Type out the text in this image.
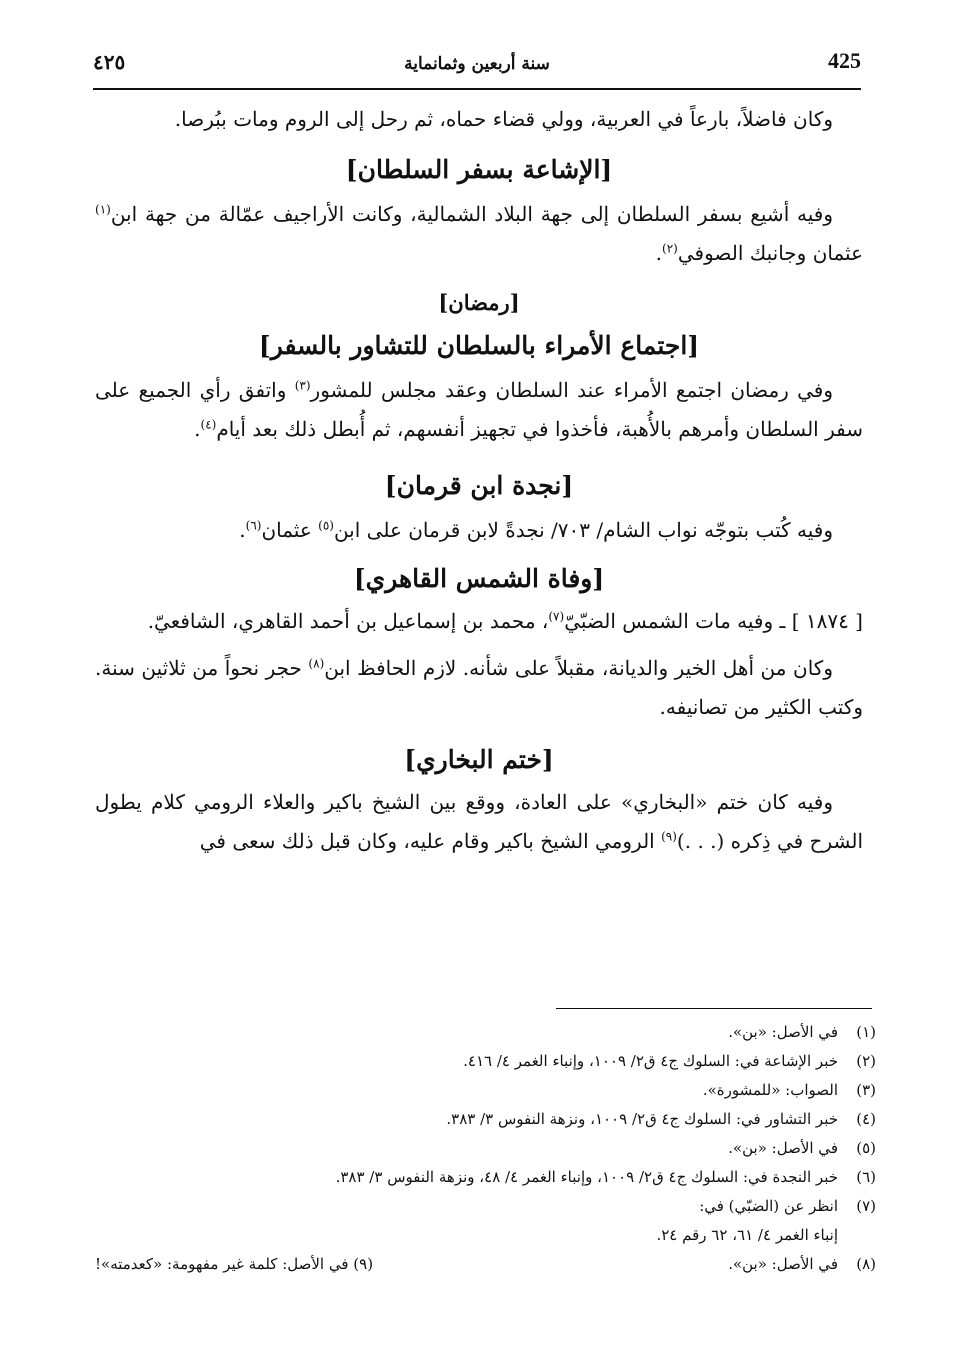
425
سنة أربعين وثمانماية
٤٢٥

وكان فاضلاً، بارعاً في العربية، وولي قضاء حماه، ثم رحل إلى الروم ومات ببُرصا.

[الإشاعة بسفر السلطان]

وفيه أشيع بسفر السلطان إلى جهة البلاد الشمالية، وكانت الأراجيف عمّالة من جهة ابن$^{(١)}$ عثمان وجانبك الصوفي$^{(٢)}$.

[رمضان]
[اجتماع الأمراء بالسلطان للتشاور بالسفر]

وفي رمضان اجتمع الأمراء عند السلطان وعقد مجلس للمشور$^{(٣)}$ واتفق رأي الجميع على سفر السلطان وأمرهم بالأُهبة، فأخذوا في تجهيز أنفسهم، ثم أُبطل ذلك بعد أيام$^{(٤)}$.

[نجدة ابن قرمان]

وفيه كُتب بتوجّه نواب الشام/ ٧٠٣/ نجدةً لابن قرمان على ابن$^{(٥)}$ عثمان$^{(٦)}$.

[وفاة الشمس القاهري]

[ ١٨٧٤ ] ـ وفيه مات الشمس الضبّيّ$^{(٧)}$، محمد بن إسماعيل بن أحمد القاهري، الشافعيّ.

وكان من أهل الخير والديانة، مقبلاً على شأنه. لازم الحافظ ابن$^{(٨)}$ حجر نحواً من ثلاثين سنة. وكتب الكثير من تصانيفه.

[ختم البخاري]

وفيه كان ختم «البخاري» على العادة، ووقع بين الشيخ باكير والعلاء الرومي كلام يطول الشرح في ذِكره (. . .)$^{(٩)}$ الرومي الشيخ باكير وقام عليه، وكان قبل ذلك سعى في

(١)في الأصل: «بن».
(٢)خبر الإشاعة في: السلوك ج٤ ق٢/ ١٠٠٩، وإنباء الغمر ٤/ ٤١٦.
(٣)الصواب: «للمشورة».
(٤)خبر التشاور في: السلوك ج٤ ق٢/ ١٠٠٩، ونزهة النفوس ٣/ ٣٨٣.
(٥)في الأصل: «بن».
(٦)خبر النجدة في: السلوك ج٤ ق٢/ ١٠٠٩، وإنباء الغمر ٤/ ٤٨، ونزهة النفوس ٣/ ٣٨٣.
(٧)انظر عن (الضبّي) في:
إنباء الغمر ٤/ ٦١، ٦٢ رقم ٢٤.
(٨)في الأصل: «بن».
(٩) في الأصل: كلمة غير مفهومة: «كعدمته»!
